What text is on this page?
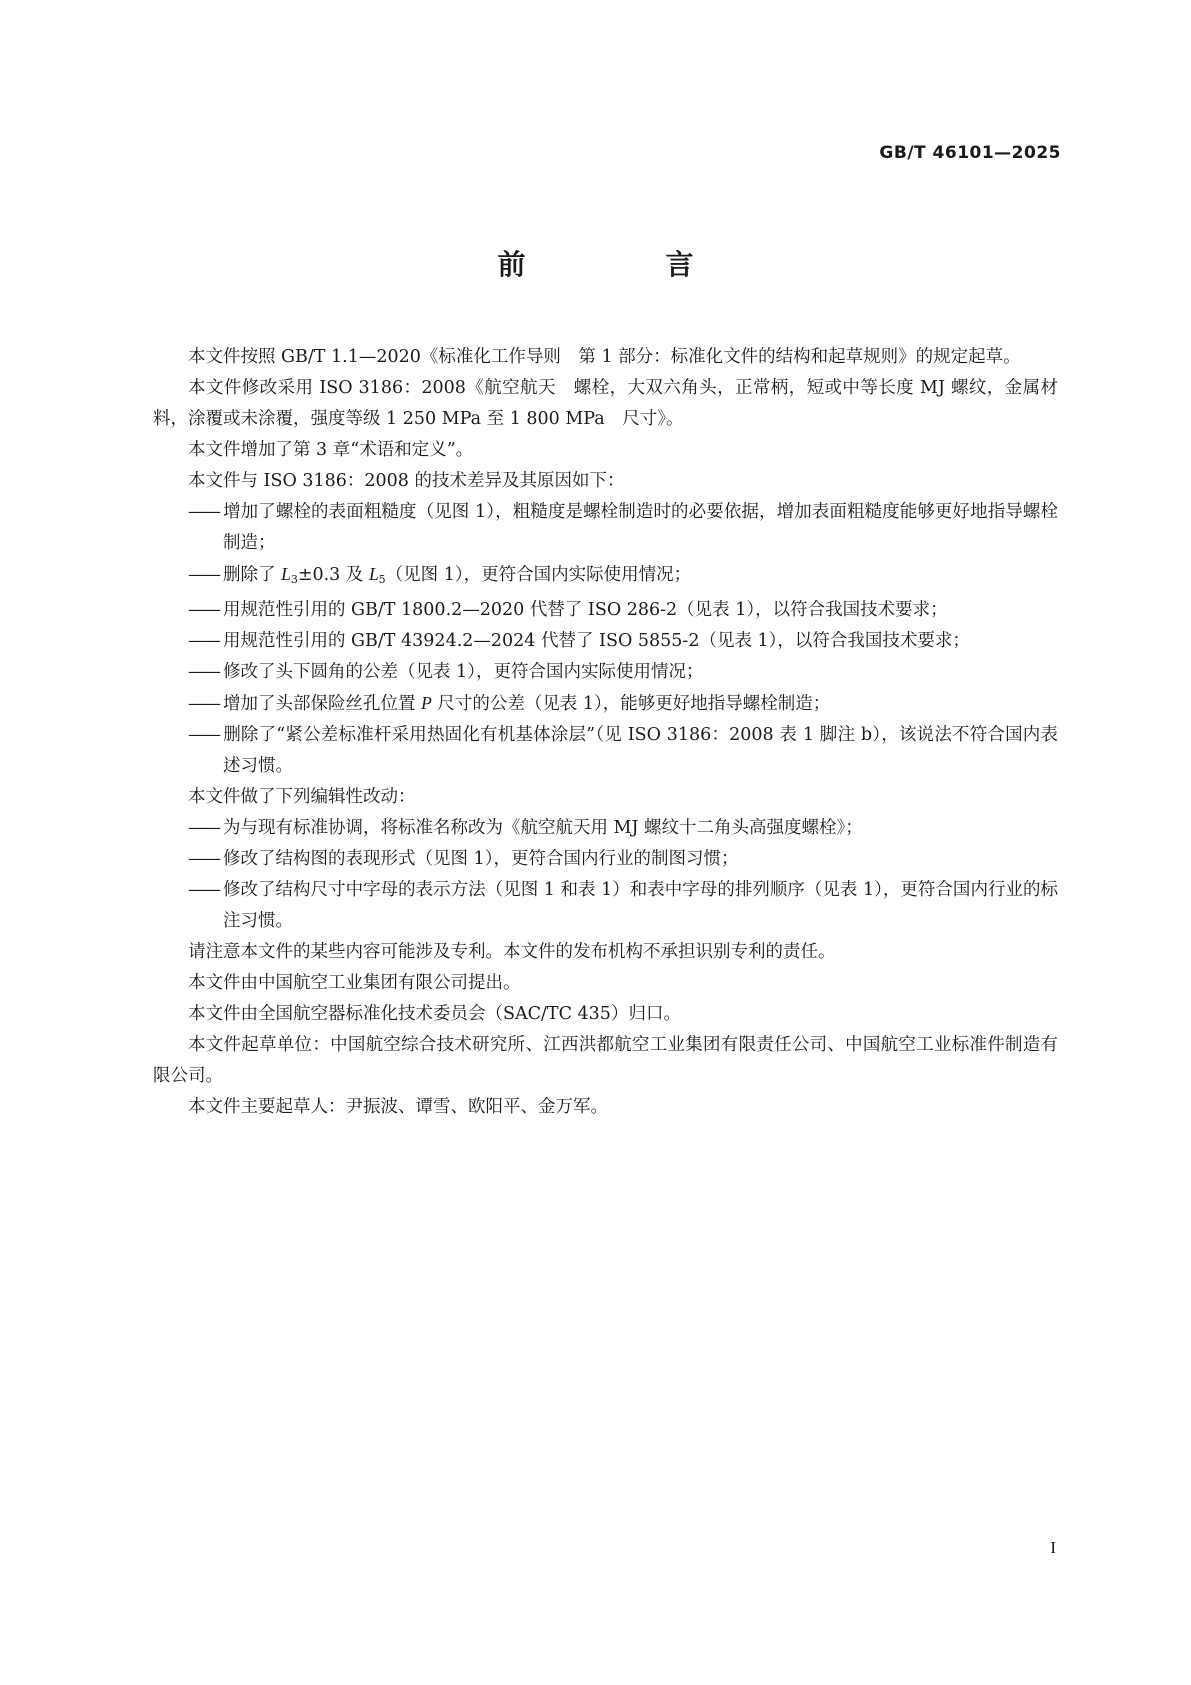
GB/T 46101—2025
前　言

本文件按照 GB/T 1.1—2020《标准化工作导则　第 1 部分：标准化文件的结构和起草规则》的规定起草。

本文件修改采用 ISO 3186：2008《航空航天　螺栓，大双六角头，正常柄，短或中等长度 MJ 螺纹，金属材料，涂覆或未涂覆，强度等级 1 250 MPa 至 1 800 MPa　尺寸》。

本文件增加了第 3 章“术语和定义”。

本文件与 ISO 3186：2008 的技术差异及其原因如下：

—— 增加了螺栓的表面粗糙度（见图 1），粗糙度是螺栓制造时的必要依据，增加表面粗糙度能够更好地指导螺栓制造；

—— 删除了 $L_3\pm 0.3$ 及 $L_5$（见图 1），更符合国内实际使用情况；

—— 用规范性引用的 GB/T 1800.2—2020 代替了 ISO 286-2（见表 1），以符合我国技术要求；

—— 用规范性引用的 GB/T 43924.2—2024 代替了 ISO 5855-2（见表 1），以符合我国技术要求；

—— 修改了头下圆角的公差（见表 1），更符合国内实际使用情况；

—— 增加了头部保险丝孔位置 P 尺寸的公差（见表 1），能够更好地指导螺栓制造；

—— 删除了“紧公差标准杆采用热固化有机基体涂层”（见 ISO 3186：2008 表 1 脚注 b），该说法不符合国内表述习惯。

本文件做了下列编辑性改动：

—— 为与现有标准协调，将标准名称改为《航空航天用 MJ 螺纹十二角头高强度螺栓》；

—— 修改了结构图的表现形式（见图 1），更符合国内行业的制图习惯；

—— 修改了结构尺寸中字母的表示方法（见图 1 和表 1）和表中字母的排列顺序（见表 1），更符合国内行业的标注习惯。

请注意本文件的某些内容可能涉及专利。本文件的发布机构不承担识别专利的责任。

本文件由中国航空工业集团有限公司提出。

本文件由全国航空器标准化技术委员会（SAC/TC 435）归口。

本文件起草单位：中国航空综合技术研究所、江西洪都航空工业集团有限责任公司、中国航空工业标准件制造有限公司。

本文件主要起草人：尹振波、谭雪、欧阳平、金万军。

I
